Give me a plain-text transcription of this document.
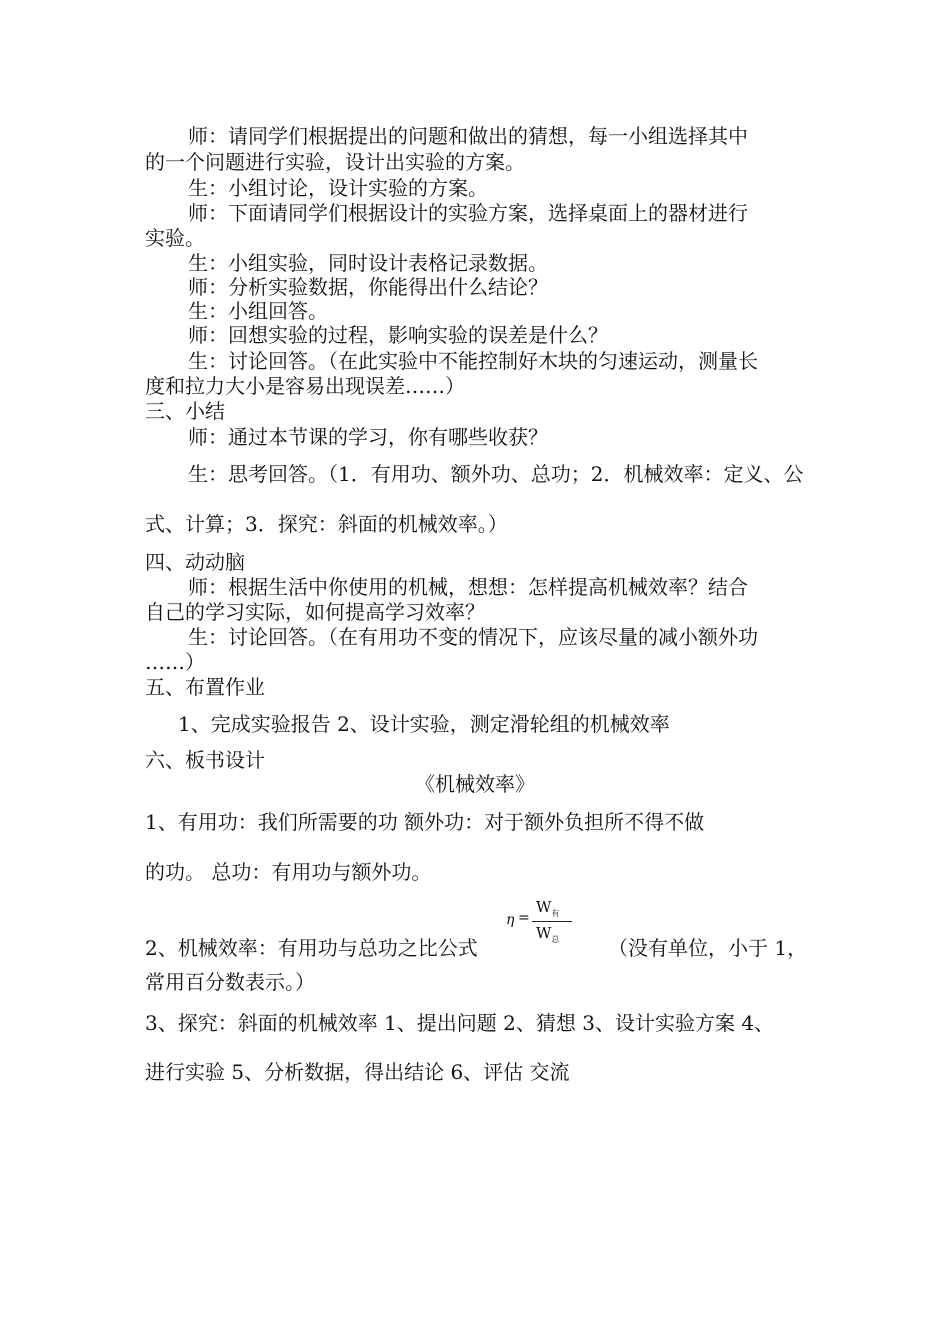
师：请同学们根据提出的问题和做出的猜想，每一小组选择其中
的一个问题进行实验，设计出实验的方案。
生：小组讨论，设计实验的方案。
师：下面请同学们根据设计的实验方案，选择桌面上的器材进行
实验。
生：小组实验，同时设计表格记录数据。
师：分析实验数据，你能得出什么结论？
生：小组回答。
师：回想实验的过程，影响实验的误差是什么？
生：讨论回答。（在此实验中不能控制好木块的匀速运动，测量长
度和拉力大小是容易出现误差……）
三、小结
师：通过本节课的学习，你有哪些收获？
生：思考回答。（1．有用功、额外功、总功；2．机械效率：定义、公
式、计算；3．探究：斜面的机械效率。）
四、动动脑
师：根据生活中你使用的机械，想想：怎样提高机械效率？结合
自己的学习实际，如何提高学习效率？
生：讨论回答。（在有用功不变的情况下，应该尽量的减小额外功
……）
五、布置作业
1、完成实验报告 2、设计实验，测定滑轮组的机械效率
六、板书设计
《机械效率》
1、有用功：我们所需要的功 额外功：对于额外负担所不得不做
的功。 总功：有用功与额外功。
2、机械效率：有用功与总功之比公式
η =
$W_有$
$W_总$ （没有单位，小于 1，
常用百分数表示。）
3、探究：斜面的机械效率 1、提出问题 2、猜想 3、设计实验方案 4、
进行实验 5、分析数据，得出结论 6、评估 交流
